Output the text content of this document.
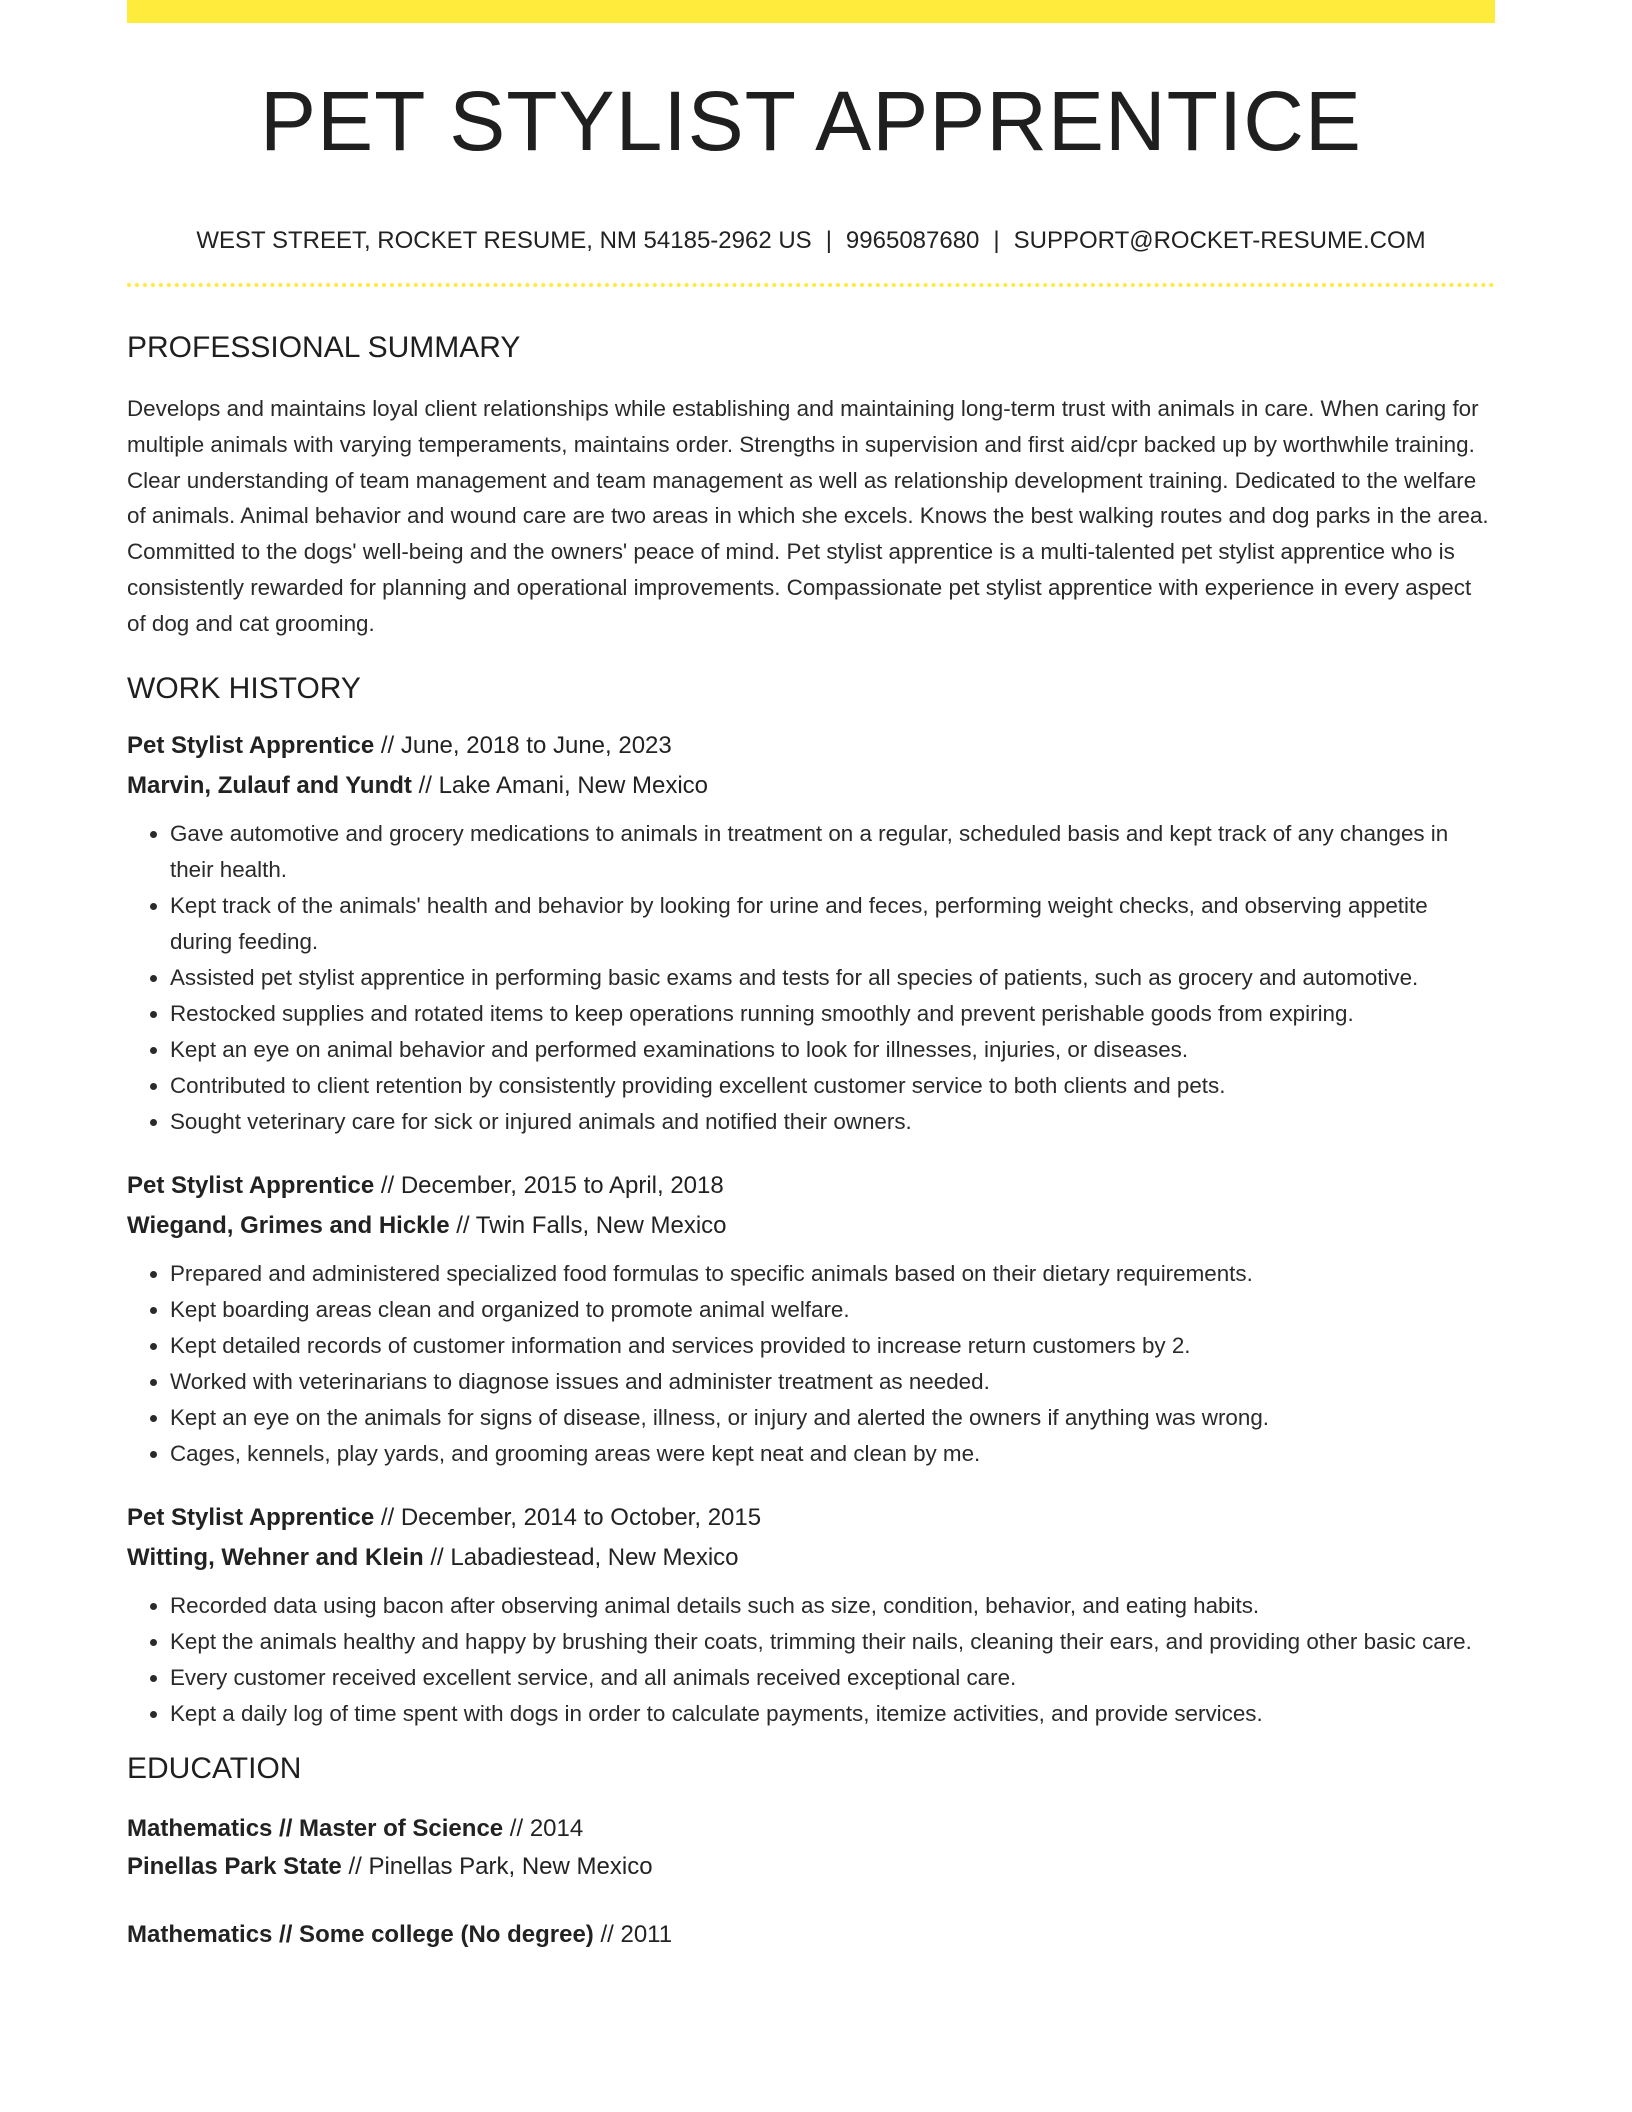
PET STYLIST APPRENTICE
WEST STREET, ROCKET RESUME, NM 54185-2962 US | 9965087680 | SUPPORT@ROCKET-RESUME.COM
PROFESSIONAL SUMMARY
Develops and maintains loyal client relationships while establishing and maintaining long-term trust with animals in care. When caring for multiple animals with varying temperaments, maintains order. Strengths in supervision and first aid/cpr backed up by worthwhile training. Clear understanding of team management and team management as well as relationship development training. Dedicated to the welfare of animals. Animal behavior and wound care are two areas in which she excels. Knows the best walking routes and dog parks in the area. Committed to the dogs' well-being and the owners' peace of mind. Pet stylist apprentice is a multi-talented pet stylist apprentice who is consistently rewarded for planning and operational improvements. Compassionate pet stylist apprentice with experience in every aspect of dog and cat grooming.
WORK HISTORY
Pet Stylist Apprentice // June, 2018 to June, 2023
Marvin, Zulauf and Yundt // Lake Amani, New Mexico
• Gave automotive and grocery medications to animals in treatment on a regular, scheduled basis and kept track of any changes in their health.
• Kept track of the animals' health and behavior by looking for urine and feces, performing weight checks, and observing appetite during feeding.
• Assisted pet stylist apprentice in performing basic exams and tests for all species of patients, such as grocery and automotive.
• Restocked supplies and rotated items to keep operations running smoothly and prevent perishable goods from expiring.
• Kept an eye on animal behavior and performed examinations to look for illnesses, injuries, or diseases.
• Contributed to client retention by consistently providing excellent customer service to both clients and pets.
• Sought veterinary care for sick or injured animals and notified their owners.
Pet Stylist Apprentice // December, 2015 to April, 2018
Wiegand, Grimes and Hickle // Twin Falls, New Mexico
• Prepared and administered specialized food formulas to specific animals based on their dietary requirements.
• Kept boarding areas clean and organized to promote animal welfare.
• Kept detailed records of customer information and services provided to increase return customers by 2.
• Worked with veterinarians to diagnose issues and administer treatment as needed.
• Kept an eye on the animals for signs of disease, illness, or injury and alerted the owners if anything was wrong.
• Cages, kennels, play yards, and grooming areas were kept neat and clean by me.
Pet Stylist Apprentice // December, 2014 to October, 2015
Witting, Wehner and Klein // Labadiestead, New Mexico
• Recorded data using bacon after observing animal details such as size, condition, behavior, and eating habits.
• Kept the animals healthy and happy by brushing their coats, trimming their nails, cleaning their ears, and providing other basic care.
• Every customer received excellent service, and all animals received exceptional care.
• Kept a daily log of time spent with dogs in order to calculate payments, itemize activities, and provide services.
EDUCATION
Mathematics // Master of Science // 2014
Pinellas Park State // Pinellas Park, New Mexico
Mathematics // Some college (No degree) // 2011
